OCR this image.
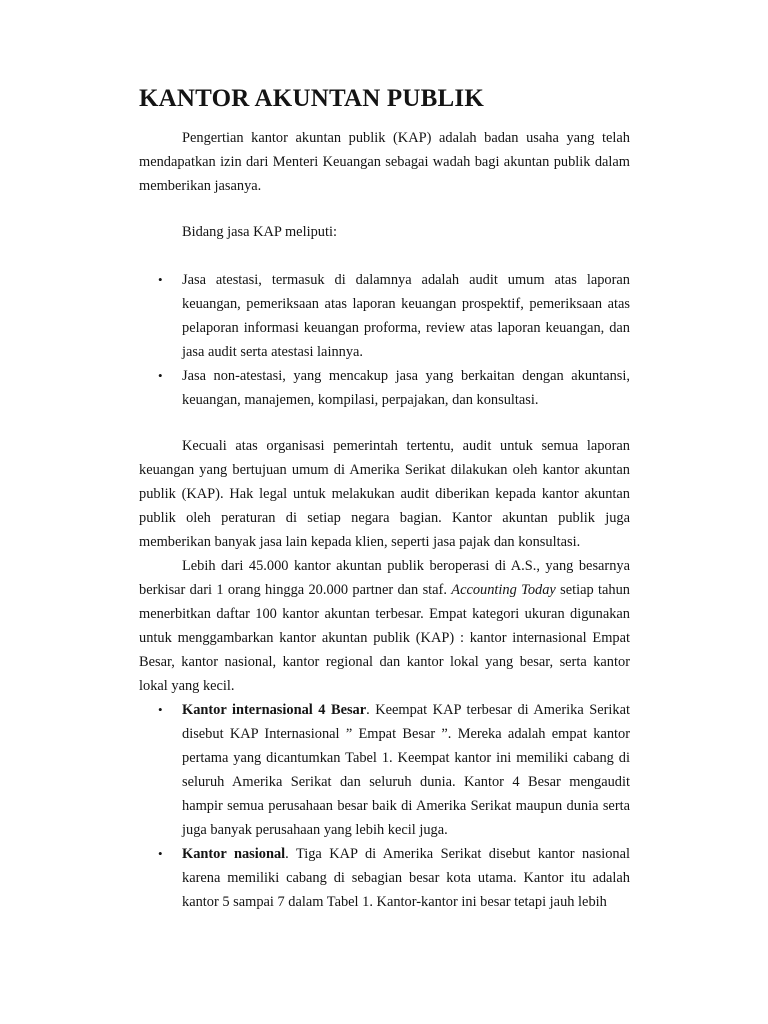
KANTOR AKUNTAN PUBLIK

Pengertian kantor akuntan publik (KAP) adalah badan usaha yang telah mendapatkan izin dari Menteri Keuangan sebagai wadah bagi akuntan publik dalam memberikan jasanya.

Bidang jasa KAP meliputi:

• Jasa atestasi, termasuk di dalamnya adalah audit umum atas laporan keuangan, pemeriksaan atas laporan keuangan prospektif, pemeriksaan atas pelaporan informasi keuangan proforma, review atas laporan keuangan, dan jasa audit serta atestasi lainnya.
• Jasa non-atestasi, yang mencakup jasa yang berkaitan dengan akuntansi, keuangan, manajemen, kompilasi, perpajakan, dan konsultasi.

Kecuali atas organisasi pemerintah tertentu, audit untuk semua laporan keuangan yang bertujuan umum di Amerika Serikat dilakukan oleh kantor akuntan publik (KAP). Hak legal untuk melakukan audit diberikan kepada kantor akuntan publik oleh peraturan di setiap negara bagian. Kantor akuntan publik juga memberikan banyak jasa lain kepada klien, seperti jasa pajak dan konsultasi.

Lebih dari 45.000 kantor akuntan publik beroperasi di A.S., yang besarnya berkisar dari 1 orang hingga 20.000 partner dan staf. Accounting Today setiap tahun menerbitkan daftar 100 kantor akuntan terbesar. Empat kategori ukuran digunakan untuk menggambarkan kantor akuntan publik (KAP) : kantor internasional Empat Besar, kantor nasional, kantor regional dan kantor lokal yang besar, serta kantor lokal yang kecil.

• Kantor internasional 4 Besar. Keempat KAP terbesar di Amerika Serikat disebut KAP Internasional ” Empat Besar ”. Mereka adalah empat kantor pertama yang dicantumkan Tabel 1. Keempat kantor ini memiliki cabang di seluruh Amerika Serikat dan seluruh dunia. Kantor 4 Besar mengaudit hampir semua perusahaan besar baik di Amerika Serikat maupun dunia serta juga banyak perusahaan yang lebih kecil juga.
• Kantor nasional. Tiga KAP di Amerika Serikat disebut kantor nasional karena memiliki cabang di sebagian besar kota utama. Kantor itu adalah kantor 5 sampai 7 dalam Tabel 1. Kantor-kantor ini besar tetapi jauh lebih
